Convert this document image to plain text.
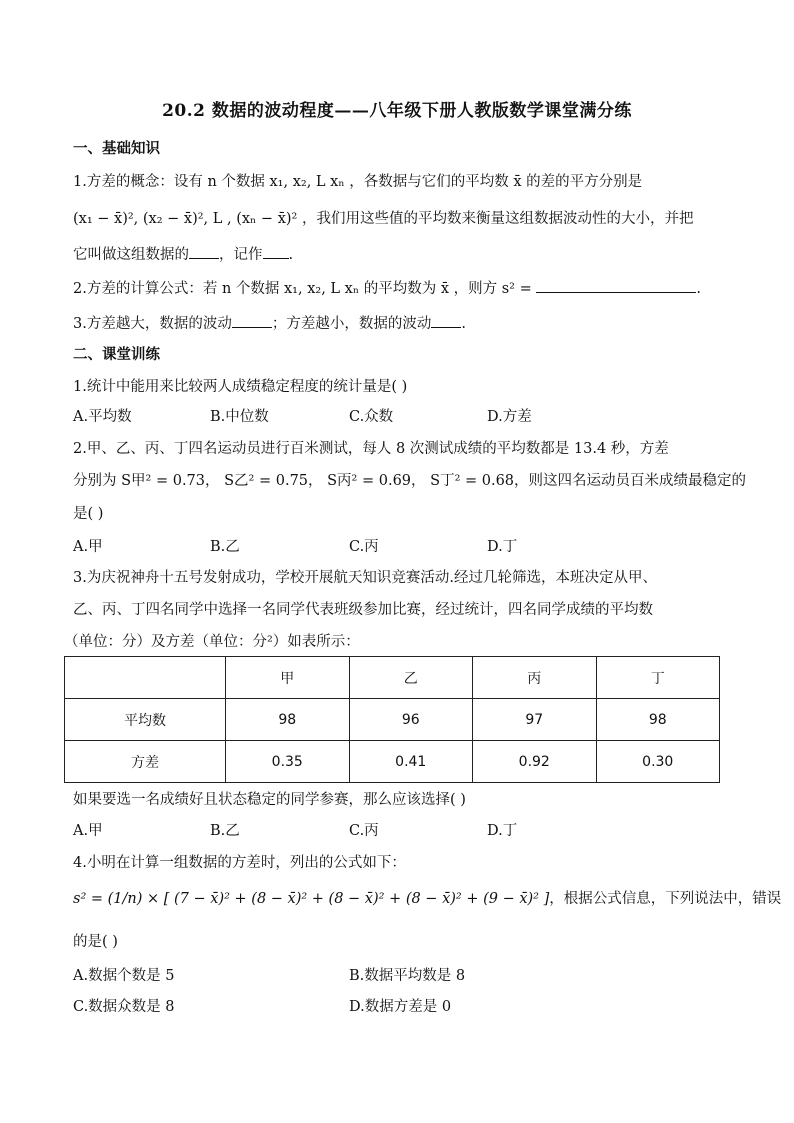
20.2 数据的波动程度——八年级下册人教版数学课堂满分练
一、基础知识
1.方差的概念：设有 n 个数据 x₁, x₂, L xₙ ，各数据与它们的平均数 x̄ 的差的平方分别是
(x₁ − x̄)², (x₂ − x̄)², L , (xₙ − x̄)² ，我们用这些值的平均数来衡量这组数据波动性的大小，并把
它叫做这组数据的 ，记作 .
2.方差的计算公式：若 n 个数据 x₁, x₂, L xₙ 的平均数为 x̄ ，则方 s² =	.
3.方差越大，数据的波动	；方差越小，数据的波动 .
二、课堂训练
1.统计中能用来比较两人成绩稳定程度的统计量是( )
A.平均数	B.中位数	C.众数	D.方差
2.甲、乙、丙、丁四名运动员进行百米测试，每人 8 次测试成绩的平均数都是 13.4 秒，方差
分别为 S甲² = 0.73， S乙² = 0.75， S丙² = 0.69， S丁² = 0.68，则这四名运动员百米成绩最稳定的
是( )
A.甲	B.乙	C.丙	D.丁
3.为庆祝神舟十五号发射成功，学校开展航天知识竞赛活动.经过几轮筛选，本班决定从甲、
乙、丙、丁四名同学中选择一名同学代表班级参加比赛，经过统计，四名同学成绩的平均数
（单位：分）及方差（单位：分²）如表所示：
	甲	乙	丙	丁
平均数	98	96	97	98
方差	0.35	0.41	0.92	0.30
如果要选一名成绩好且状态稳定的同学参赛，那么应该选择( )
A.甲	B.乙	C.丙	D.丁
4.小明在计算一组数据的方差时，列出的公式如下：
s² = (1/n) × [ (7 − x̄)² + (8 − x̄)² + (8 − x̄)² + (8 − x̄)² + (9 − x̄)² ]，根据公式信息，下列说法中，错误
的是( )
A.数据个数是 5	B.数据平均数是 8
C.数据众数是 8	D.数据方差是 0
